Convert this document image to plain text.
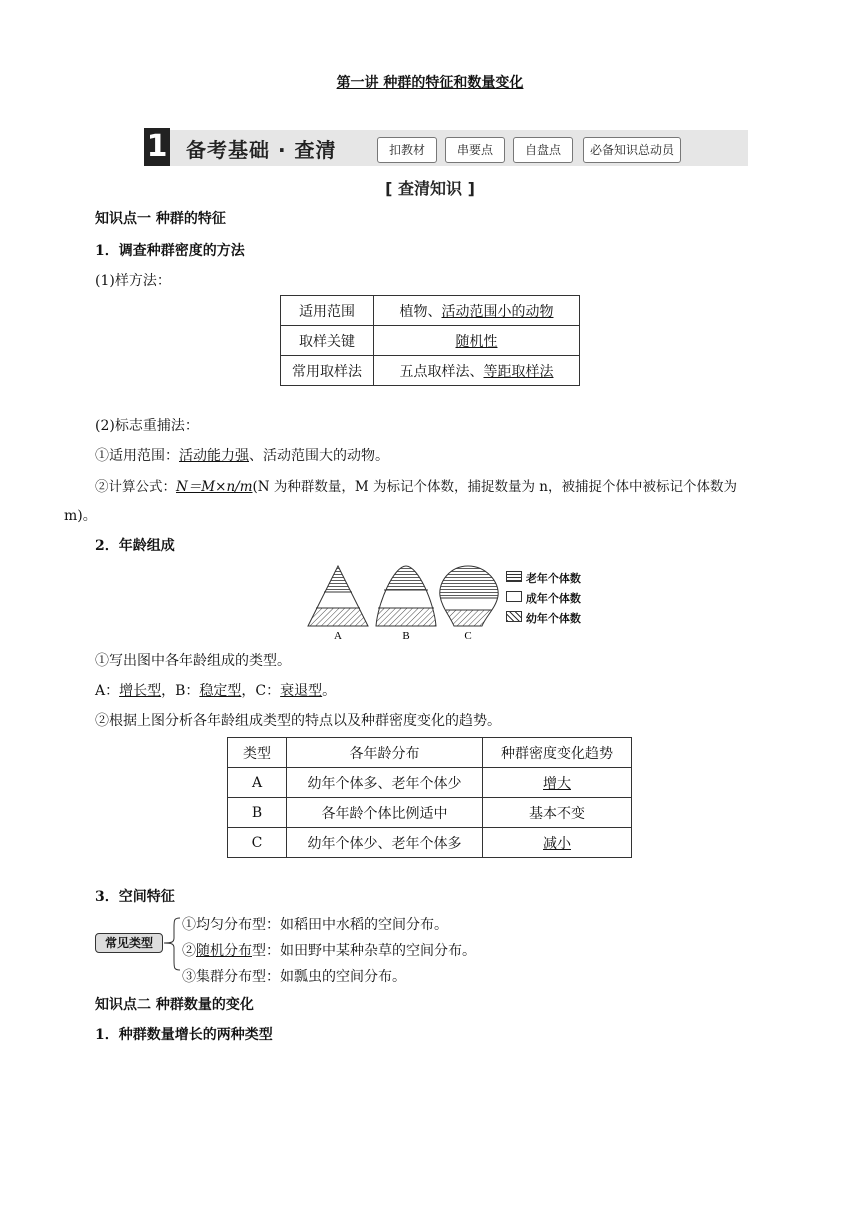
第一讲 种群的特征和数量变化
1 备考基础 · 查清	扣教材	串要点	自盘点	必备知识总动员
[ 查清知识 ]
知识点一 种群的特征
1．调查种群密度的方法
(1)样方法：
适用范围	植物、活动范围小的动物
取样关键	随机性
常用取样法	五点取样法、等距取样法
(2)标志重捕法：
①适用范围：活动能力强、活动范围大的动物。
②计算公式：N＝M×n/m(N 为种群数量，M 为标记个体数，捕捉数量为 n，被捕捉个体中被标记个体数为
m)。
2．年龄组成
A	B	C
老年个体数
成年个体数
幼年个体数
①写出图中各年龄组成的类型。
A：增长型，B：稳定型，C：衰退型。
②根据上图分析各年龄组成类型的特点以及种群密度变化的趋势。
类型	各年龄分布	种群密度变化趋势
A	幼年个体多、老年个体少	增大
B	各年龄个体比例适中	基本不变
C	幼年个体少、老年个体多	减小
3．空间特征
常见类型
①均匀分布型：如稻田中水稻的空间分布。
②随机分布型：如田野中某种杂草的空间分布。
③集群分布型：如瓢虫的空间分布。
知识点二 种群数量的变化
1．种群数量增长的两种类型
